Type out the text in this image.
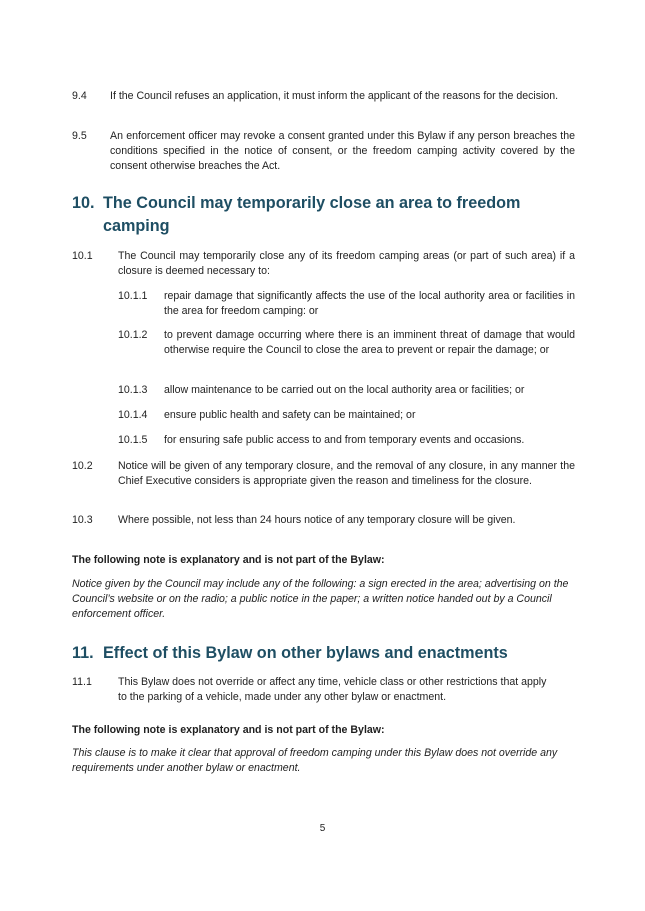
9.4 If the Council refuses an application, it must inform the applicant of the reasons for the decision.
9.5 An enforcement officer may revoke a consent granted under this Bylaw if any person breaches the conditions specified in the notice of consent, or the freedom camping activity covered by the consent otherwise breaches the Act.
10. The Council may temporarily close an area to freedom
camping
10.1 The Council may temporarily close any of its freedom camping areas (or part of such area) if a closure is deemed necessary to:
10.1.1 repair damage that significantly affects the use of the local authority area or facilities in the area for freedom camping: or
10.1.2 to prevent damage occurring where there is an imminent threat of damage that would otherwise require the Council to close the area to prevent or repair the damage; or
10.1.3 allow maintenance to be carried out on the local authority area or facilities; or
10.1.4 ensure public health and safety can be maintained; or
10.1.5 for ensuring safe public access to and from temporary events and occasions.
10.2 Notice will be given of any temporary closure, and the removal of any closure, in any manner the Chief Executive considers is appropriate given the reason and timeliness for the closure.
10.3 Where possible, not less than 24 hours notice of any temporary closure will be given.
The following note is explanatory and is not part of the Bylaw:
Notice given by the Council may include any of the following: a sign erected in the area; advertising on the Council’s website or on the radio; a public notice in the paper; a written notice handed out by a Council enforcement officer.
11. Effect of this Bylaw on other bylaws and enactments
11.1 This Bylaw does not override or affect any time, vehicle class or other restrictions that apply to the parking of a vehicle, made under any other bylaw or enactment.
The following note is explanatory and is not part of the Bylaw:
This clause is to make it clear that approval of freedom camping under this Bylaw does not override any requirements under another bylaw or enactment.
5
